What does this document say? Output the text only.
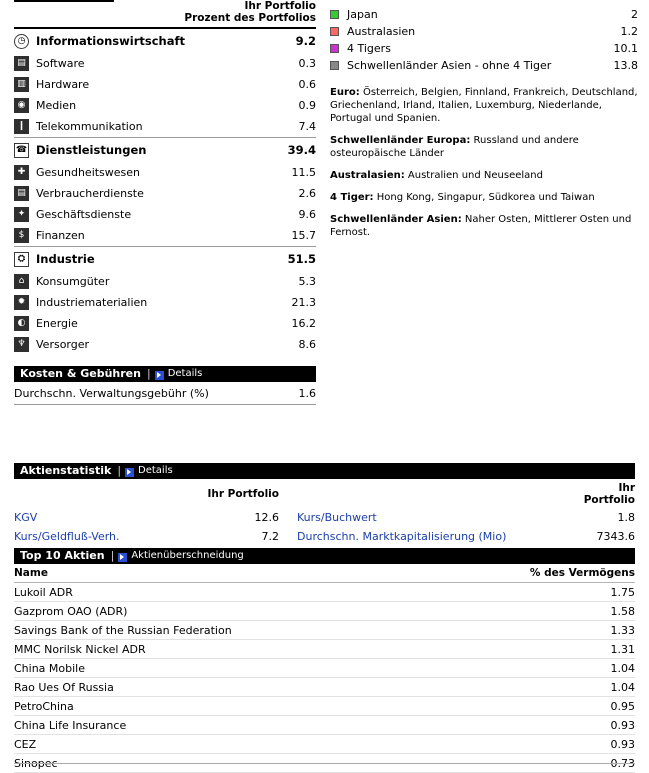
Ihr Portfolio
Prozent des Portfolios
◷ Informationswirtschaft	9.2
▤ Software	0.3
▥ Hardware	0.6
◉ Medien	0.9
❙ Telekommunikation	7.4
☎ Dienstleistungen	39.4
✚ Gesundheitswesen	11.5
▤ Verbraucherdienste	2.6
✦ Geschäftsdienste	9.6
$	Finanzen	15.7
⛭ Industrie	51.5
⌂	Konsumgüter	5.3
✹ Industriematerialien	21.3
◐ Energie	16.2
♆ Versorger	8.6
Kosten & Gebühren | Details
Durchschn. Verwaltungsgebühr (%)	1.6
Japan	2
Australasien	1.2
4 Tigers	10.1
Schwellenländer Asien - ohne 4 Tiger	13.8

Euro: Österreich, Belgien, Finnland, Frankreich, Deutschland, Griechenland, Irland, Italien, Luxemburg, Niederlande, Portugal und Spanien.

Schwellenländer Europa: Russland und andere osteuropäische Länder

Australasien: Australien und Neuseeland

4 Tiger: Hong Kong, Singapur, Südkorea und Taiwan

Schwellenländer Asien: Naher Osten, Mittlerer Osten und Fernost.

Aktienstatistik | Details
	Ihr Portfolio		Ihr Portfolio
KGV	12.6	Kurs/Buchwert	1.8
Kurs/Geldfluß-Verh.	7.2	Durchschn. Marktkapitalisierung (Mio)	7343.6
Top 10 Aktien | Aktienüberschneidung
Name	% des Vermögens
Lukoil ADR	1.75
Gazprom OAO (ADR)	1.58
Savings Bank of the Russian Federation	1.33
MMC Norilsk Nickel ADR	1.31
China Mobile	1.04
Rao Ues Of Russia	1.04
PetroChina	0.95
China Life Insurance	0.93
CEZ	0.93
Sinopec	0.73
